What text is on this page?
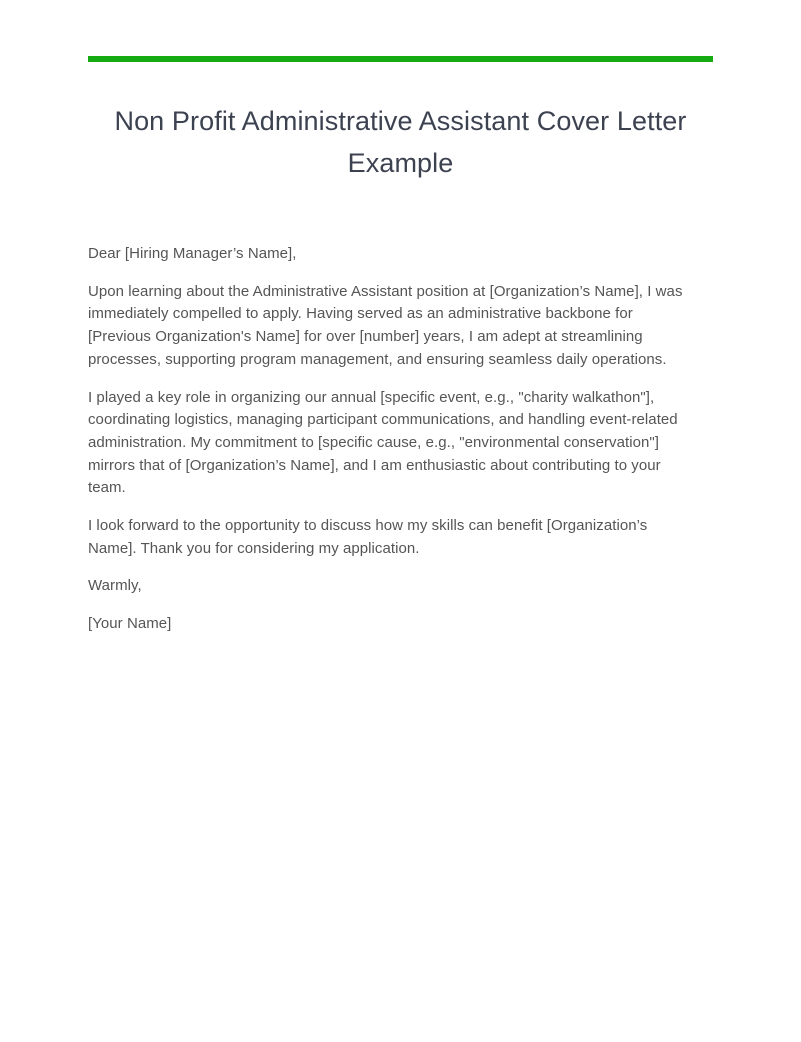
Non Profit Administrative Assistant Cover Letter Example

Dear [Hiring Manager’s Name],

Upon learning about the Administrative Assistant position at [Organization’s Name], I was immediately compelled to apply. Having served as an administrative backbone for [Previous Organization's Name] for over [number] years, I am adept at streamlining processes, supporting program management, and ensuring seamless daily operations.

I played a key role in organizing our annual [specific event, e.g., "charity walkathon"], coordinating logistics, managing participant communications, and handling event-related administration. My commitment to [specific cause, e.g., "environmental conservation"] mirrors that of [Organization’s Name], and I am enthusiastic about contributing to your team.

I look forward to the opportunity to discuss how my skills can benefit [Organization’s Name]. Thank you for considering my application.

Warmly,

[Your Name]
